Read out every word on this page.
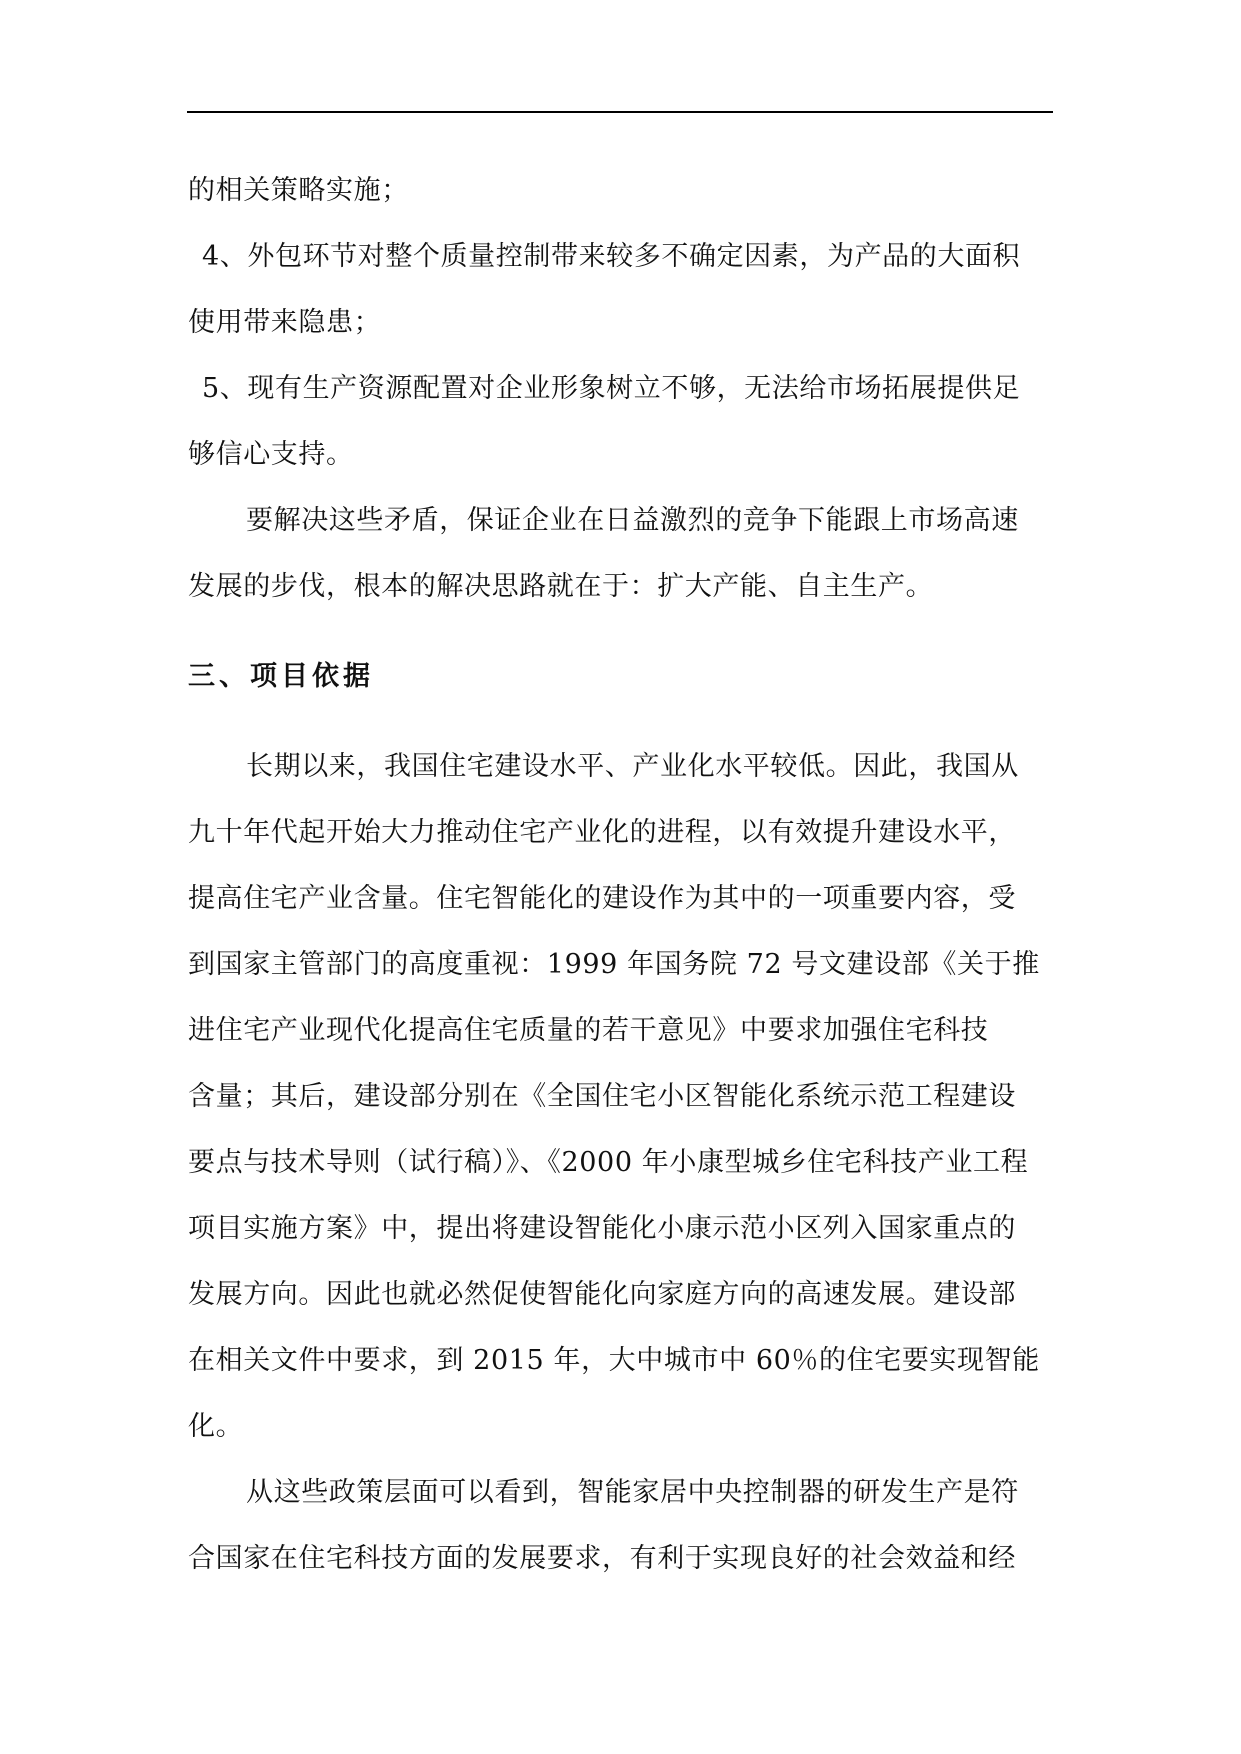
的相关策略实施；
4、外包环节对整个质量控制带来较多不确定因素，为产品的大面积
使用带来隐患；
5、现有生产资源配置对企业形象树立不够，无法给市场拓展提供足
够信心支持。
要解决这些矛盾，保证企业在日益激烈的竞争下能跟上市场高速
发展的步伐，根本的解决思路就在于：扩大产能、自主生产。
三、项目依据
长期以来，我国住宅建设水平、产业化水平较低。因此，我国从
九十年代起开始大力推动住宅产业化的进程，以有效提升建设水平，
提高住宅产业含量。住宅智能化的建设作为其中的一项重要内容，受
到国家主管部门的高度重视：1999 年国务院 72 号文建设部《关于推
进住宅产业现代化提高住宅质量的若干意见》中要求加强住宅科技
含量；其后，建设部分别在《全国住宅小区智能化系统示范工程建设
要点与技术导则（试行稿）》、《2000 年小康型城乡住宅科技产业工程
项目实施方案》中，提出将建设智能化小康示范小区列入国家重点的
发展方向。因此也就必然促使智能化向家庭方向的高速发展。建设部
在相关文件中要求，到 2015 年，大中城市中 60％的住宅要实现智能
化。
从这些政策层面可以看到，智能家居中央控制器的研发生产是符
合国家在住宅科技方面的发展要求，有利于实现良好的社会效益和经
